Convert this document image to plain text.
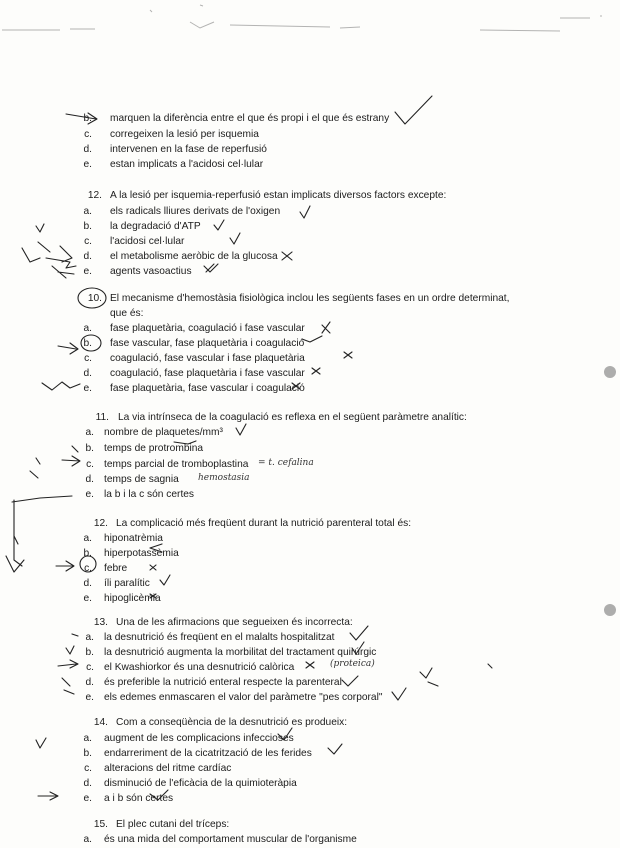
b. marquen la diferència entre el que és propi i el que és estrany
c. corregeixen la lesió per isquemia
d. intervenen en la fase de reperfusió
e. estan implicats a l'acidosi cel·lular
12. A la lesió per isquemia-reperfusió estan implicats diversos factors excepte:
a. els radicals lliures derivats de l'oxigen
b. la degradació d'ATP
c. l'acidosi cel·lular
d. el metabolisme aeròbic de la glucosa
e. agents vasoactius
10. El mecanisme d'hemostàsia fisiològica inclou les següents fases en un ordre determinat,
que és:
a. fase plaquetària, coagulació i fase vascular
b. fase vascular, fase plaquetària i coagulació
c. coagulació, fase vascular i fase plaquetària
d. coagulació, fase plaquetària i fase vascular
e. fase plaquetària, fase vascular i coagulació
11. La via intrínseca de la coagulació es reflexa en el següent paràmetre analític:
a. nombre de plaquetes/mm³
b. temps de protrombina
c. temps parcial de tromboplastina
d. temps de sagnia
e. la b i la c són certes
12. La complicació més freqüent durant la nutrició parenteral total és:
a. hiponatrèmia
b. hiperpotassèmia
c. febre
d. íli paralític
e. hipoglicèmia
13. Una de les afirmacions que segueixen és incorrecta:
a. la desnutrició és freqüent en el malalts hospitalitzat
b. la desnutrició augmenta la morbilitat del tractament quirúrgic
c. el Kwashiorkor és una desnutrició calòrica
d. és preferible la nutrició enteral respecte la parenteral
e. els edemes enmascaren el valor del paràmetre "pes corporal"
14. Com a conseqüència de la desnutrició es produeix:
a. augment de les complicacions infeccioses
b. endarreriment de la cicatrització de les ferides
c. alteracions del ritme cardíac
d. disminució de l'eficàcia de la quimioteràpia
e. a i b són certes
15. El plec cutani del tríceps:
a. és una mida del comportament muscular de l'organisme
= t. cefalina
hemostasia
(proteica)
